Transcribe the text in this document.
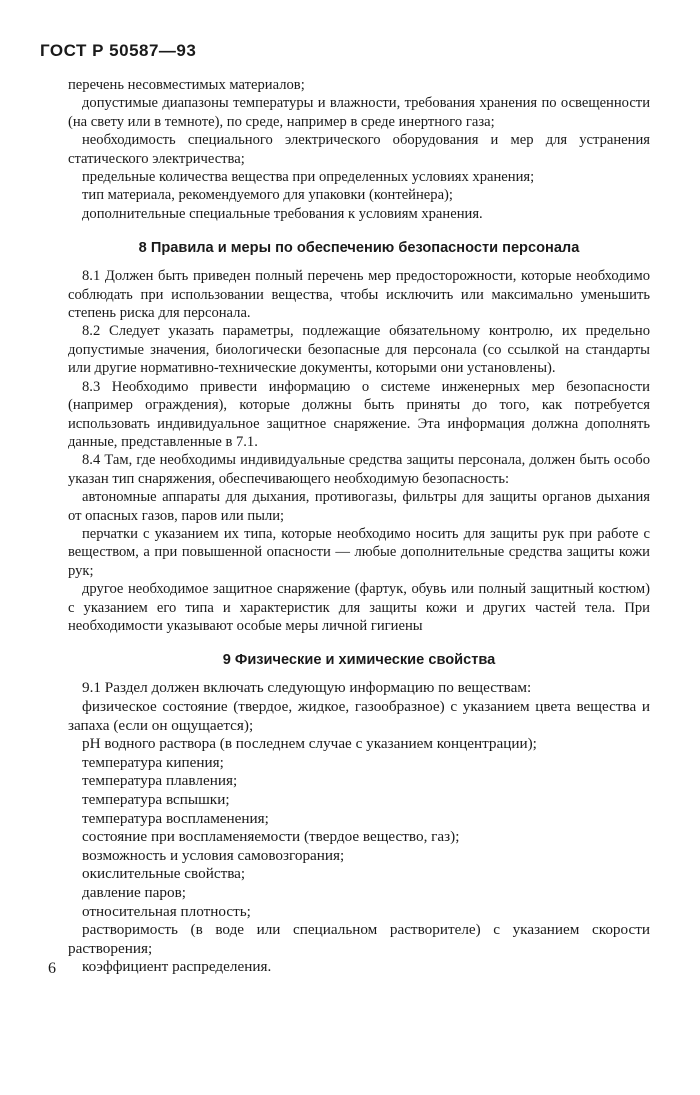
ГОСТ Р 50587—93

перечень несовместимых материалов;

допустимые диапазоны температуры и влажности, требования хранения по освещенности (на свету или в темноте), по среде, например в среде инертного газа;

необходимость специального электрического оборудования и мер для устранения статического электричества;

предельные количества вещества при определенных условиях хранения;

тип материала, рекомендуемого для упаковки (контейнера);

дополнительные специальные требования к условиям хранения.

8 Правила и меры по обеспечению безопасности персонала

8.1 Должен быть приведен полный перечень мер предосторожности, которые необходимо соблюдать при использовании вещества, чтобы исключить или максимально уменьшить степень риска для персонала.

8.2 Следует указать параметры, подлежащие обязательному контролю, их предельно допустимые значения, биологически безопасные для персонала (со ссылкой на стандарты или другие нормативно-технические документы, которыми они установлены).

8.3 Необходимо привести информацию о системе инженерных мер безопасности (например ограждения), которые должны быть приняты до того, как потребуется использовать индивидуальное защитное снаряжение. Эта информация должна дополнять данные, представленные в 7.1.

8.4 Там, где необходимы индивидуальные средства защиты персонала, должен быть особо указан тип снаряжения, обеспечивающего необходимую безопасность:

автономные аппараты для дыхания, противогазы, фильтры для защиты органов дыхания от опасных газов, паров или пыли;

перчатки с указанием их типа, которые необходимо носить для защиты рук при работе с веществом, а при повышенной опасности — любые дополнительные средства защиты кожи рук;

другое необходимое защитное снаряжение (фартук, обувь или полный защитный костюм) с указанием его типа и характеристик для защиты кожи и других частей тела. При необходимости указывают особые меры личной гигиены

9 Физические и химические свойства

9.1 Раздел должен включать следующую информацию по веществам:

физическое состояние (твердое, жидкое, газообразное) с указанием цвета вещества и запаха (если он ощущается);

pH водного раствора (в последнем случае с указанием концентрации);

температура кипения;

температура плавления;

температура вспышки;

температура воспламенения;

состояние при воспламеняемости (твердое вещество, газ);

возможность и условия самовозгорания;

окислительные свойства;

давление паров;

относительная плотность;

растворимость (в воде или специальном растворителе) с указанием скорости растворения;

коэффициент распределения.

6
